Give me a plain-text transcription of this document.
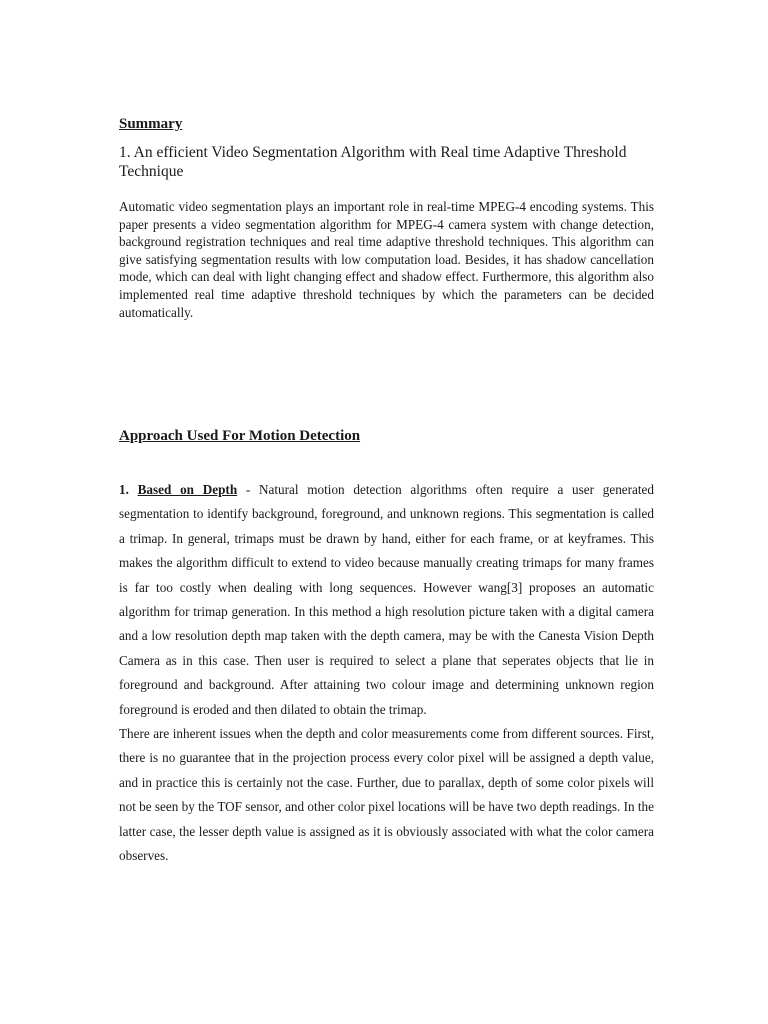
Summary
1. An efficient Video Segmentation Algorithm with Real time Adaptive Threshold Technique
Automatic video segmentation plays an important role in real-time MPEG-4 encoding systems. This paper presents a video segmentation algorithm for MPEG-4 camera system with change detection, background registration techniques and real time adaptive threshold techniques. This algorithm can give satisfying segmentation results with low computation load. Besides, it has shadow cancellation mode, which can deal with light changing effect and shadow effect. Furthermore, this algorithm also implemented real time adaptive threshold techniques by which the parameters can be decided automatically.
Approach Used For Motion Detection

1. Based on Depth - Natural motion detection algorithms often require a user generated segmentation to identify background, foreground, and unknown regions. This segmentation is called a trimap. In general, trimaps must be drawn by hand, either for each frame, or at keyframes. This makes the algorithm difficult to extend to video because manually creating trimaps for many frames is far too costly when dealing with long sequences. However wang[3] proposes an automatic algorithm for trimap generation. In this method a high resolution picture taken with a digital camera and a low resolution depth map taken with the depth camera, may be with the Canesta Vision Depth Camera as in this case. Then user is required to select a plane that seperates objects that lie in foreground and background. After attaining two colour image and determining unknown region foreground is eroded and then dilated to obtain the trimap.

There are inherent issues when the depth and color measurements come from different sources. First, there is no guarantee that in the projection process every color pixel will be assigned a depth value, and in practice this is certainly not the case. Further, due to parallax, depth of some color pixels will not be seen by the TOF sensor, and other color pixel locations will be have two depth readings. In the latter case, the lesser depth value is assigned as it is obviously associated with what the color camera observes.
